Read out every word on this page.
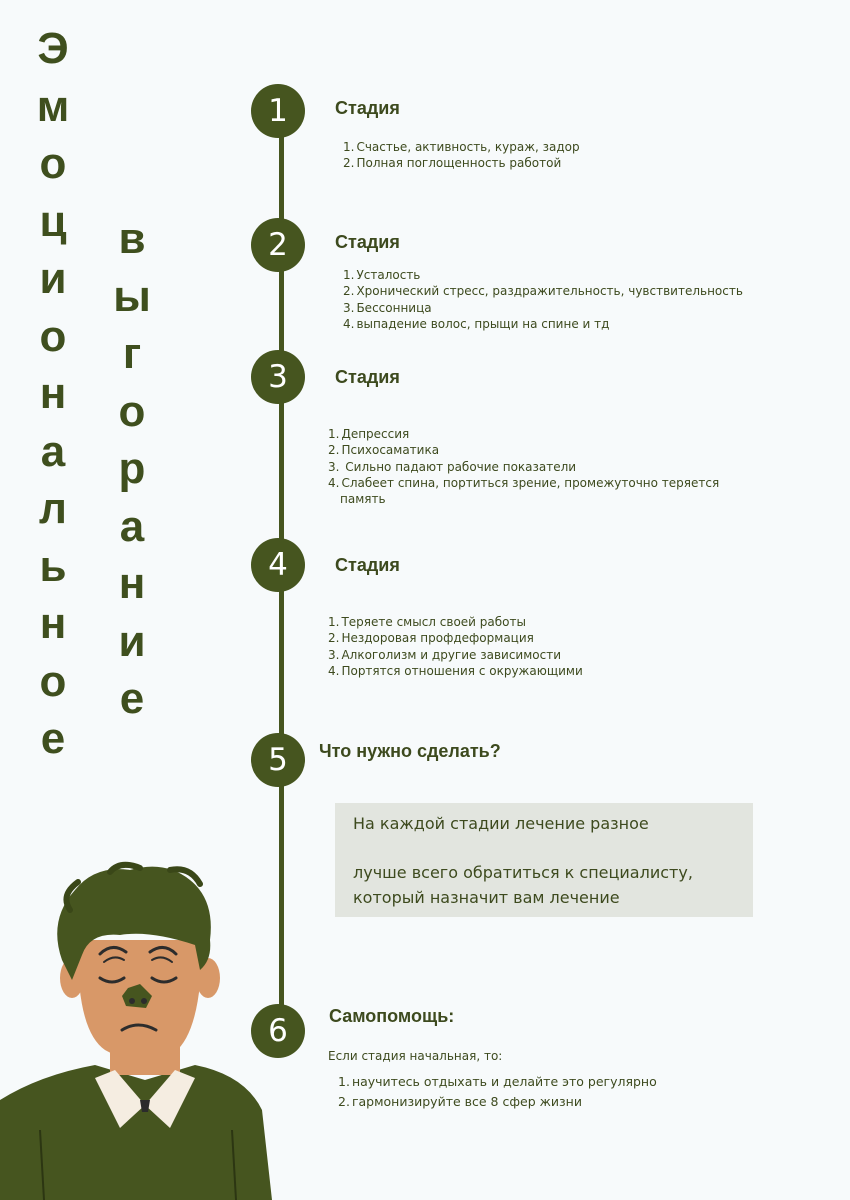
Э
м
о
ц
и
о
н
а
л
ь
н
о
е
в
ы
г
о
р
а
н
и
е
1	Стадия
1. Счастье, активность, кураж, задор
2. Полная поглощенность работой
2	Стадия
1. Усталость
2. Хронический стресс, раздражительность, чувствительность
3. Бессонница
4. выпадение волос, прыщи на спине и тд
3	Стадия
1. Депрессия
2. Психосаматика
3. Сильно падают рабочие показатели
4. Слабеет спина, портиться зрение, промежуточно теряется
память
4	Стадия
1. Теряете смысл своей работы
2. Нездоровая профдеформация
3. Алкоголизм и другие зависимости
4. Портятся отношения с окружающими
5	Что нужно сделать?

На каждой стадии лечение разное

лучше всего обратиться к специалисту,

который назначит вам лечение

6	Самопомощь:
Если стадия начальная, то:
1. научитесь отдыхать и делайте это регулярно
2. гармонизируйте все 8 сфер жизни
